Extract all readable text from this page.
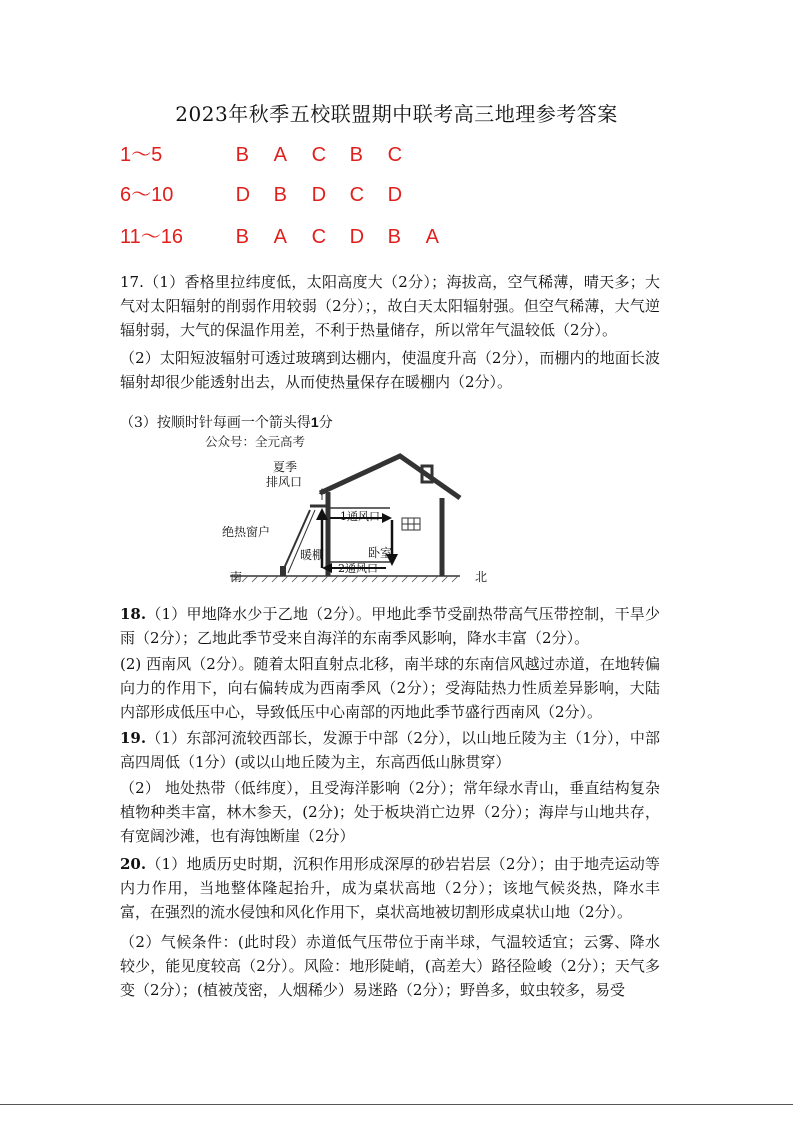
2023年秋季五校联盟期中联考高三地理参考答案
1～5	B A C B C
6～10	D B D C D
11～16	B A C D B A

17.（1）香格里拉纬度低，太阳高度大（2分）；海拔高，空气稀薄，晴天多；大气对太阳辐射的削弱作用较弱（2分）；，故白天太阳辐射强。但空气稀薄，大气逆辐射弱，大气的保温作用差，不利于热量储存，所以常年气温较低（2分）。

（2）太阳短波辐射可透过玻璃到达棚内，使温度升高（2分），而棚内的地面长波辐射却很少能透射出去，从而使热量保存在暖棚内（2分）。

（3）按顺时针每画一个箭头得1分
公众号：全元高考
夏季
排风口
绝热窗户
暖棚
1通风口
2通风口
卧室
南	北

18.（1）甲地降水少于乙地（2分）。甲地此季节受副热带高气压带控制，干旱少雨（2分）；乙地此季节受来自海洋的东南季风影响，降水丰富（2分）。

(2) 西南风（2分）。随着太阳直射点北移，南半球的东南信风越过赤道，在地转偏向力的作用下，向右偏转成为西南季风（2分）；受海陆热力性质差异影响，大陆内部形成低压中心，导致低压中心南部的丙地此季节盛行西南风（2分）。

19.（1）东部河流较西部长，发源于中部（2分），以山地丘陵为主（1分），中部高四周低（1分）(或以山地丘陵为主，东高西低山脉贯穿）

（2） 地处热带（低纬度），且受海洋影响（2分）；常年绿水青山，垂直结构复杂植物种类丰富，林木参天，(2分)；处于板块消亡边界（2分）；海岸与山地共存，有宽阔沙滩，也有海蚀断崖（2分）

20.（1）地质历史时期，沉积作用形成深厚的砂岩岩层（2分）；由于地壳运动等内力作用，当地整体隆起抬升，成为桌状高地（2分）；该地气候炎热，降水丰富，在强烈的流水侵蚀和风化作用下，桌状高地被切割形成桌状山地（2分）。

（2）气候条件：(此时段）赤道低气压带位于南半球，气温较适宜；云雾、降水较少，能见度较高（2分）。风险：地形陡峭，(高差大）路径险峻（2分）；天气多变（2分）；(植被茂密，人烟稀少）易迷路（2分）；野兽多，蚊虫较多，易受
